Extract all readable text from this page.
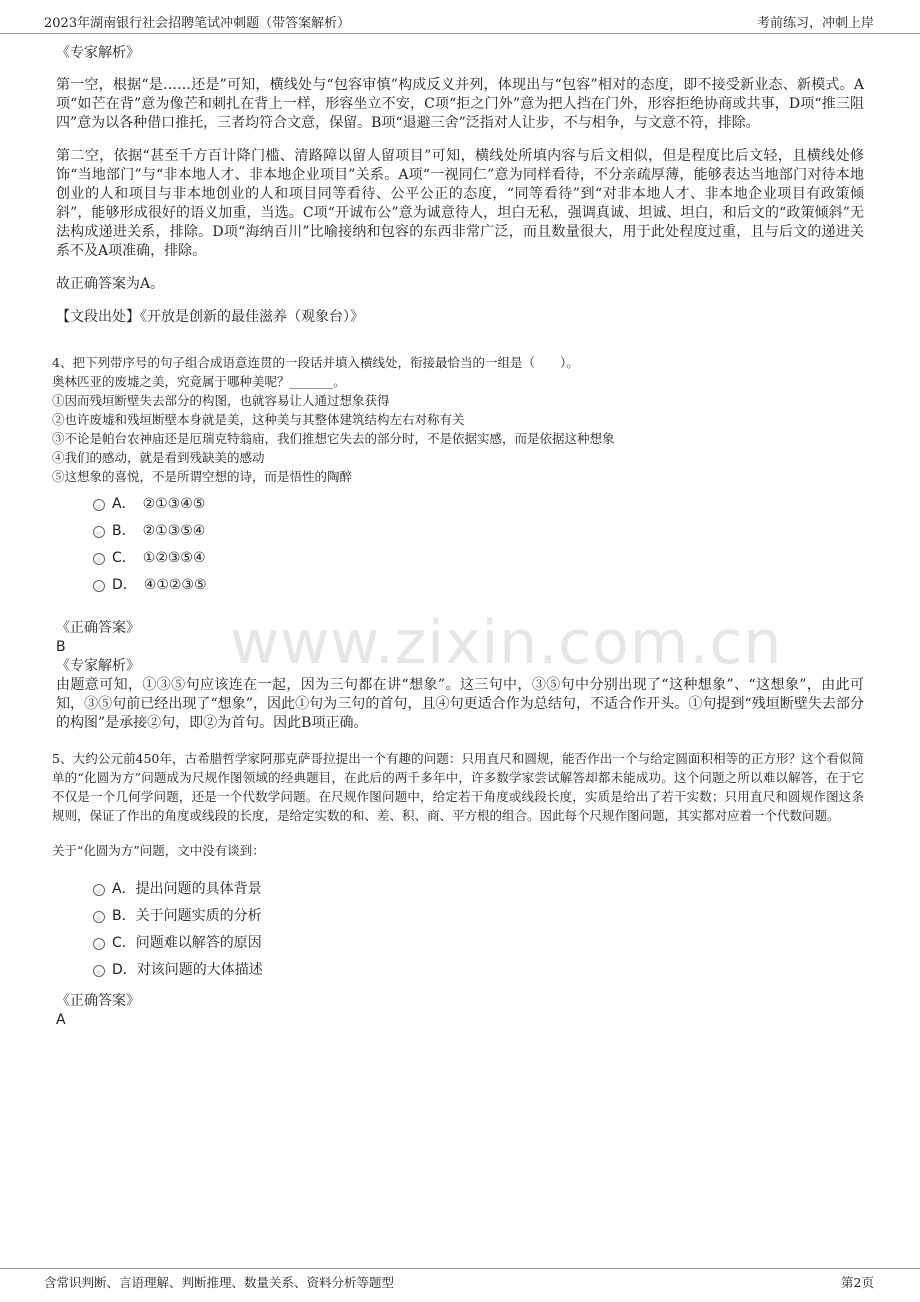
2023年湖南银行社会招聘笔试冲刺题（带答案解析）	考前练习，冲刺上岸
www.zixin.com.cn
《专家解析》
第一空，根据“是……还是”可知，横线处与“包容审慎”构成反义并列，体现出与“包容”相对的态度，即不接受新业态、新模式。A项“如芒在背”意为像芒和刺扎在背上一样，形容坐立不安，C项“拒之门外”意为把人挡在门外，形容拒绝协商或共事，D项“推三阻四”意为以各种借口推托，三者均符合文意，保留。B项“退避三舍”泛指对人让步，不与相争，与文意不符，排除。
第二空，依据“甚至千方百计降门槛、清路障以留人留项目”可知，横线处所填内容与后文相似，但是程度比后文轻，且横线处修饰“当地部门”与“非本地人才、非本地企业项目”关系。A项“一视同仁”意为同样看待，不分亲疏厚薄，能够表达当地部门对待本地创业的人和项目与非本地创业的人和项目同等看待、公平公正的态度，“同等看待”到“对非本地人才、非本地企业项目有政策倾斜”，能够形成很好的语义加重，当选。C项“开诚布公”意为诚意待人，坦白无私，强调真诚、坦诚、坦白，和后文的“政策倾斜”无法构成递进关系，排除。D项“海纳百川”比喻接纳和包容的东西非常广泛，而且数量很大，用于此处程度过重，且与后文的递进关系不及A项准确，排除。
故正确答案为A。
【文段出处】《开放是创新的最佳滋养（观象台）》
4、把下列带序号的句子组合成语意连贯的一段话并填入横线处，衔接最恰当的一组是（　　）。
奥林匹亚的废墟之美，究竟属于哪种美呢？_______。
①因而残垣断壁失去部分的构图，也就容易让人通过想象获得
②也许废墟和残垣断壁本身就是美，这种美与其整体建筑结构左右对称有关
③不论是帕台农神庙还是厄瑞克特翁庙，我们推想它失去的部分时，不是依据实感，而是依据这种想象
④我们的感动，就是看到残缺美的感动
⑤这想象的喜悦，不是所谓空想的诗，而是悟性的陶醉
A．　②①③④⑤
B．　②①③⑤④
C．　①②③⑤④
D．　④①②③⑤
《正确答案》
B
《专家解析》
由题意可知，①③⑤句应该连在一起，因为三句都在讲“想象”。这三句中，③⑤句中分别出现了“这种想象”、“这想象”，由此可知，③⑤句前已经出现了“想象”，因此①句为三句的首句，且④句更适合作为总结句，不适合作开头。①句提到“残垣断壁失去部分的构图”是承接②句，即②为首句。因此B项正确。
5、大约公元前450年，古希腊哲学家阿那克萨哥拉提出一个有趣的问题：只用直尺和圆规，能否作出一个与给定圆面积相等的正方形？这个看似简单的“化圆为方”问题成为尺规作图领域的经典题目，在此后的两千多年中，许多数学家尝试解答却都未能成功。这个问题之所以难以解答，在于它不仅是一个几何学问题，还是一个代数学问题。在尺规作图问题中，给定若干角度或线段长度，实质是给出了若干实数；只用直尺和圆规作图这条规则，保证了作出的角度或线段的长度，是给定实数的和、差、积、商、平方根的组合。因此每个尺规作图问题，其实都对应着一个代数问题。
关于“化圆为方”问题，文中没有谈到：
A．提出问题的具体背景
B．关于问题实质的分析
C．问题难以解答的原因
D．对该问题的大体描述
《正确答案》
A
含常识判断、言语理解、判断推理、数量关系、资料分析等题型	第2页
